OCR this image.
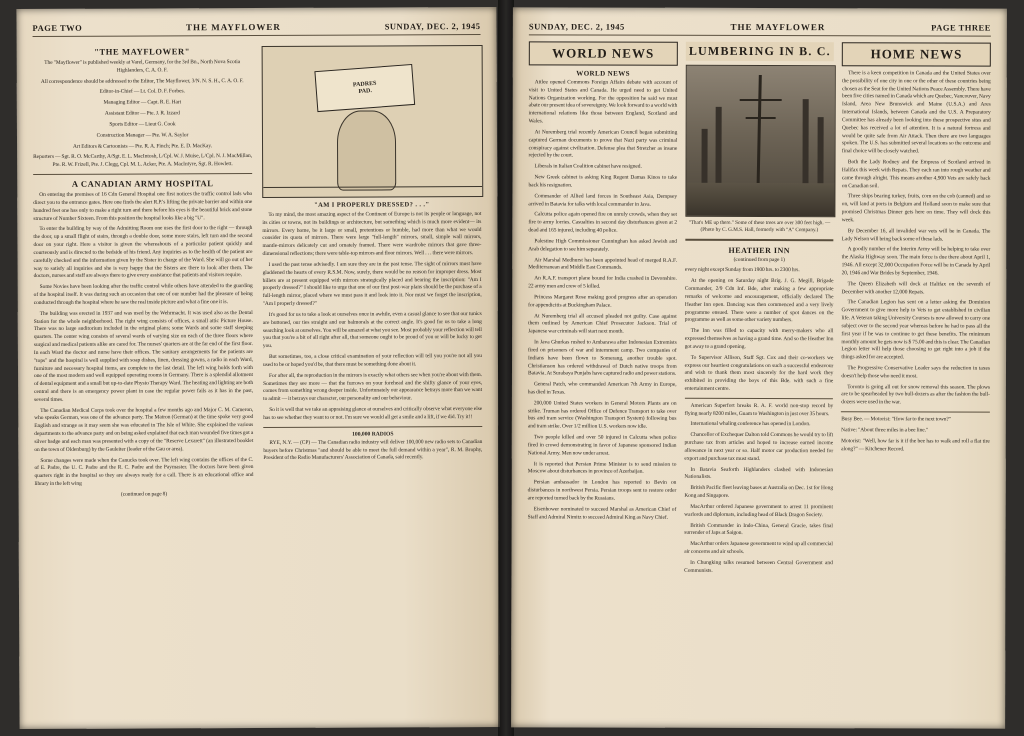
PAGE TWO	THE MAYFLOWER	SUNDAY, DEC. 2, 1945
"THE MAYFLOWER"

The "Mayflower" is published weekly at Varel, Germany, for the 3rd Bn., North Nova Scotia Highlanders, C. A. O. F.

All correspondence should be addressed to the Editor, The Mayflower, 3/N. N. S. H., C. A. O. F.

Editor-in-Chief — Lt. Col. D. F. Forbes.

Managing Editor — Capt. R. E. Hart

Assistant Editor — Pte. J. R. Izzard

Sports Editor — Lieut G. Cook

Construction Manager — Pte. W. A. Saylor

Art Editors & Cartoonists — Pte. R. A. Finch; Pte. E. D. MacKay.

Reporters — Sgt. R. O. McCarthy, A/Sgt. E. L. MacIntosh, L/Cpl. W. J. Muise, L/Cpl. N. J. MacMillan, Pte. R. W. Frizell, Pte. J. Clegg, Cpl. M. L. Acker, Pte. A. MacIntyre, Sgt. R. Howlett.

A CANADIAN ARMY HOSPITAL

On entering the premises of 16 Cdn General Hospital one first notices the traffic control lads who direct you to the entrance gates. Here one finds the alert R.P.'s lifting the private barrier and within one hundred feet one has only to make a right turn and there before his eyes is the beautiful brick and stone structure of Number Sixteen. From this position the hospital looks like a big "U".

To enter the building by way of the Admitting Room one uses the first door to the right — through the door, up a small flight of stairs, through a double door, some more stairs, left turn and the second door on your right. Here a visitor is given the whereabouts of a particular patient quickly and courteously and is directed to the bedside of his friend. Any inquiries as to the health of the patient are carefully checked and the information given by the Sister in charge of the Ward. She will go out of her way to satisfy all inquiries and she is very happy that the Sisters are there to look after them. The doctors, nurses and staff are always there to give every assistance that patients and visitors require.

Some Novies have been looking after the traffic control while others have attended to the guarding of the hospital itself. It was during such an occasion that one of our number had the pleasure of being conducted through the hospital where he saw the real inside picture and what a fine one it is.

The building was erected in 1937 and was used by the Wehrmacht. It was used also as the Dental Station for the whole neighborhood. The right wing consists of offices, a small attic Picture House. There was no large auditorium included in the original plans; some Wards and some staff sleeping quarters. The center wing consists of several wards of varying size on each of the three floors where surgical and medical patients alike are cared for. The nurses' quarters are at the far end of the first floor. In each Ward the doctor and nurse have their offices. The sanitary arrangements for the patients are "tops" and the hospital is well supplied with soap dishes, linen, dressing gowns, a radio in each Ward, furniture and necessary hospital items, are complete to the last detail. The left wing holds forth with one of the most modern and well equipped operating rooms in Germany. There is a splendid allotment of dental equipment and a small but up-to-date Physio Therapy Ward. The heating and lighting are both central and there is an emergency power plant in case the regular power fails as it has in the past, several times.

The Canadian Medical Corps took over the hospital a few months ago and Major C. M. Cameron, who speaks German, was one of the advance party. The Matron (German) at the time spoke very good English and strange as it may seem she was educated in The Isle of White. She explained the various departments to the advance party and on being asked explained that each man wounded five times got a silver badge and each man was presented with a copy of the "Reserve Lexarett" (an illustrated booklet on the town of Oldenburg) by the Gauleiter (leader of the Gau or area).

Some changes were made when the Canucks took over. The left wing contains the offices of the C. of E. Padre, the U. C. Padre and the R. C. Padre and the Paymaster. The doctors have been given quarters right in the hospital so they are always ready for a call. There is an educational office and library in the left wing

(continued on page 8)

PADRES
PAD.
"AM I PROPERLY DRESSED? . . ."

To my mind, the most amazing aspect of the Continent of Europe is not its people or language, not its cities or towns, not its buildings or architecture, but something which is much more evident— its mirrors. Every home, be it large or small, pretentious or humble, had more than what we would consider its quota of mirrors. There were large "full-length" mirrors, small, simple wall mirrors, mantle-mirrors delicately cut and ornately framed. There were wardrobe mirrors that gave three-dimensional reflections; there were table-top mirrors and floor mirrors. Well . . . there were mirrors.

I used the past tense advisedly. I am sure they are in the past tense. The sight of mirrors must have gladdened the hearts of every R.S.M. Now, surely, there would be no reason for improper dress. Most billets are at present equipped with mirrors strategically placed and bearing the inscription: "Am I properly dressed?" I should like to urge that one of our first post-war plans should be the purchase of a full-length mirror, placed where we must pass it and look into it. Nor must we forget the inscription, "Am I properly dressed?"

It's good for us to take a look at ourselves once in awhile, even a casual glance to see that our tunics are buttoned, our ties straight and our balmorals at the correct angle. It's good for us to take a long searching look at ourselves. You will be amazed at what you see. Most probably your reflection will tell you that you're a bit of all right after all, that someone ought to be proud of you or will be lucky to get you.

But sometimes, too, a close critical examination of your reflection will tell you you're not all you used to be or hoped you'd be, that there must be something done about it.

For after all, the reproduction in the mirrors is exactly what others see when you're about with them. Sometimes they see more — that the furrows on your forehead and the shifty glance of your eyes, comes from something wrong deeper inside. Unfortunately our appearance betrays more than we want to admit — it betrays our character, our personality and our behaviour.

So it is well that we take an appraising glance at ourselves and critically observe what everyone else has to see whether they want to or not. I'm sure we would all get a smile and a lift, if we did. Try it!!

100,000 RADIOS

RYE, N.Y. — (CP) — The Canadian radio industry will deliver 100,000 new radio sets to Canadian buyers before Christmas "and should be able to meet the full demand within a year", R. M. Brophy, President of the Radio Manufacturers' Association of Canada, said recently.

SUNDAY, DEC. 2, 1945	THE MAYFLOWER	PAGE THREE
WORLD NEWS
WORLD NEWS

Attlee opened Commons Foreign Affairs debate with account of visit to United States and Canada. He urged need to get United Nations Organization working. For the opposition he said we must abate our present idea of sovereignty. We look forward to a world with international relations like those between England, Scotland and Wales.

At Nuremberg trial recently American Council began submitting captured German documents to prove that Nazi party was criminal conspiracy against civilization. Defense plea that Stretcher as insane rejected by the court.

Liberals in Italian Coalition cabinet have resigned.

New Greek cabinet is asking King Regent Damas Kinos to take back his resignation.

Commander of Allied land forces in Southeast Asia, Dempsey arrived in Batavia for talks with local commander in Java.

Calcutta police again opened fire on unruly crowds, when they set fire to army lorries. Casualties in second day disturbances given at 2 dead and 165 injured, including 40 police.

Palestine High Commissioner Cunninghan has asked Jewish and Arab delegation to see him separately.

Air Marshal Medhurst has been appointed head of merged R.A.F. Mediterranean and Middle East Commands.

An R.A.F. transport plane bound for India crashed in Devonshire. 22 army men and crew of 5 killed.

Princess Margaret Rose making good progress after an operation for appendicitis at Buckingham Palace.

At Nuremberg trial all accused pleaded not guilty. Case against them outlined by American Chief Prosecutor Jackson. Trial of Japanese war criminals will start next month.

In Java Ghurkas rushed to Ambarawa after Indonesian Extremists fired on prisoners of war and internment camp. Two companies of Indians have been flown to Somerang, another trouble spot. Christianson has ordered withdrawal of Dutch native troops from Batavia. At Surabaya Punjabs have captured radio and power stations.

General Patch, who commanded American 7th Army in Europe, has died in Texas.

200,000 United States workers in General Motors Plants are on strike. Truman has ordered Office of Defence Transport to take over bus and tram service (Washington Transport System) following bus and tram strike. Over 1/2 million U.S. workers now idle.

Two people killed and over 50 injured in Calcutta when police fired in crowd demonstrating in favor of Japanese sponsored Indian National Army. Men now under arrest.

It is reported that Persian Prime Minister is to send mission to Moscow about disturbances in province of Azerbaijan.

Persian ambassador in London has reported to Bevin on disturbances in northwest Persia. Persian troops sent to restore order are reported turned back by the Russians.

Eisenhower nominated to succeed Marshal as American Chief of Staff and Admiral Nimitz to succeed Admiral King as Navy Chief.

LUMBERING IN B. C.
"That's ME up there." Some of these trees are over 300 feet high. — (Photo by C. G.M.S. Hall, formerly with "A" Company.)
HEATHER INN

(continued from page 1)

every night except Sunday from 1900 hrs. to 2300 hrs.

At the opening on Saturday night Brig. J. G. Megill, Brigade Commander, 2/9 Cdn Inf. Bde, after making a few appropriate remarks of welcome and encouragement, officially declared The Heather Inn open. Dancing was then commenced and a very lively programme ensued. There were a number of spot dances on the programme as well as some other variety numbers.

The Inn was filled to capacity with merry-makers who all expressed themselves as having a grand time. And so the Heather Inn got away to a grand opening.

To Supervisor Allison, Staff Sgt. Cox and their co-workers we express our heartiest congratulations on such a successful endeavour and wish to thank them most sincerely for the hard work they exhibited in providing the boys of this Bde. with such a fine entertainment centre.

American Superfort breaks R. A. F. world non-stop record by flying nearly 8200 miles, Guam to Washington in just over 35 hours.

International whaling conference has opened in London.

Chancellor of Exchequer Dalton told Commons he would try to lift purchase tax from articles and hoped to increase earned income allowance in next year or so. Half motor car production needed for export and purchase tax must stand.

In Batavia Seaforth Highlanders clashed with Indonesian Nationalists.

British Pacific fleet leaving bases at Australia on Dec. 1st for Hong Kong and Singapore.

MacArthur ordered Japanese government to arrest 11 prominent warlords and diplomats, including head of Black Dragon Society.

British Commander in Indo-China, General Gracie, takes final surrender of Japs at Saigon.

MacArthur orders Japanese government to wind up all commercial air concerns and air schools.

In Chungking talks resumed between Central Government and Communists.

HOME NEWS

There is a keen competition in Canada and the United States over the possibility of one city in one or the other of these countries being chosen as the Seat for the United Nations Peace Assembly. There have been five cities named in Canada which are Quebec, Vancouver, Navy Island, Area New Brunswick and Maine (U.S.A.) and Ares International Islands, between Canada and the U.S. A Preparatory Committee has already been looking into these prospective sites and Quebec has received a lot of attention. It is a natural fortress and would be quite safe from Air Attack. Then there are two languages spoken. The U.S. has submitted several locations so the outcome and final choice will be closely watched.

Both the Lady Rodney and the Empress of Scotland arrived in Halifax this week with Repats. They each ran into rough weather and came through alright. This means another 4,900 Vets are safely back on Canadian soil.

Three ships bearing turkey, fruits, corn on the cob (canned) and so on, will land at ports in Belgium and Holland soon to make sure that promised Christmas Dinner gets here on time. They will dock this week.

By December 16, all invalided war vets will be in Canada. The Lady Nelson will bring back some of these lads.

A goodly number of the Interim Army will be helping to take over the Alaska Highway soon. The main force is due there about April 1, 1946. All except 32,000 Occupation Force will be in Canada by April 20, 1946 and War Brides by September, 1946.

The Queen Elizabeth will dock at Halifax on the seventh of December with another 12,000 Repats.

The Canadian Legion has sent on a letter asking the Dominion Government to give more help to Vets to get established in civilian life. A Veteran taking University Courses is now allowed to carry one subject over to the second year whereas before he had to pass all the first year if he was to continue to get these benefits. The minimum monthly amount he gets now is $ 75.00 and this is clear. The Canadian Legion letter will help those choosing to get right into a job if the things asked for are accepted.

The Progressive Conservative Leader says the reduction in taxes doesn't help those who need it most.

Toronto is going all out for snow removal this season. The plows are to be spearheaded by two bull-dozers as after the fashion the bull-dozers were used in the war.

Busy Bee. — Motorist: "How far to the next town?"

Native: "About three miles in a bee line."

Motorist: "Well, how far is it if the bee has to walk and roll a flat tire along?" — Kitchener Record.
